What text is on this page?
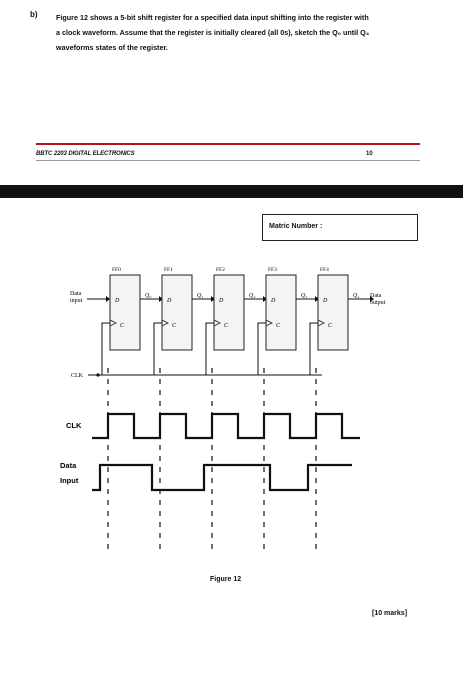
b)	Figure 12 shows a 5-bit shift register for a specified data input shifting into the register with
a clock waveform. Assume that the register is initially cleared (all 0s), sketch the Q₀ until Q₄
waveforms states of the register.
BBTC 2203 DIGITAL ELECTRONICS	10
Matric Number :
FF0
D
C
Q₀
FF1
D
C
Q₁
FF2
D
C
Q₂
FF3
D
C
Q₃
FF4
D
C
Q₄
Data
input
Data
output
CLK
CLK
Data
Input
Figure 12
[10 marks]
